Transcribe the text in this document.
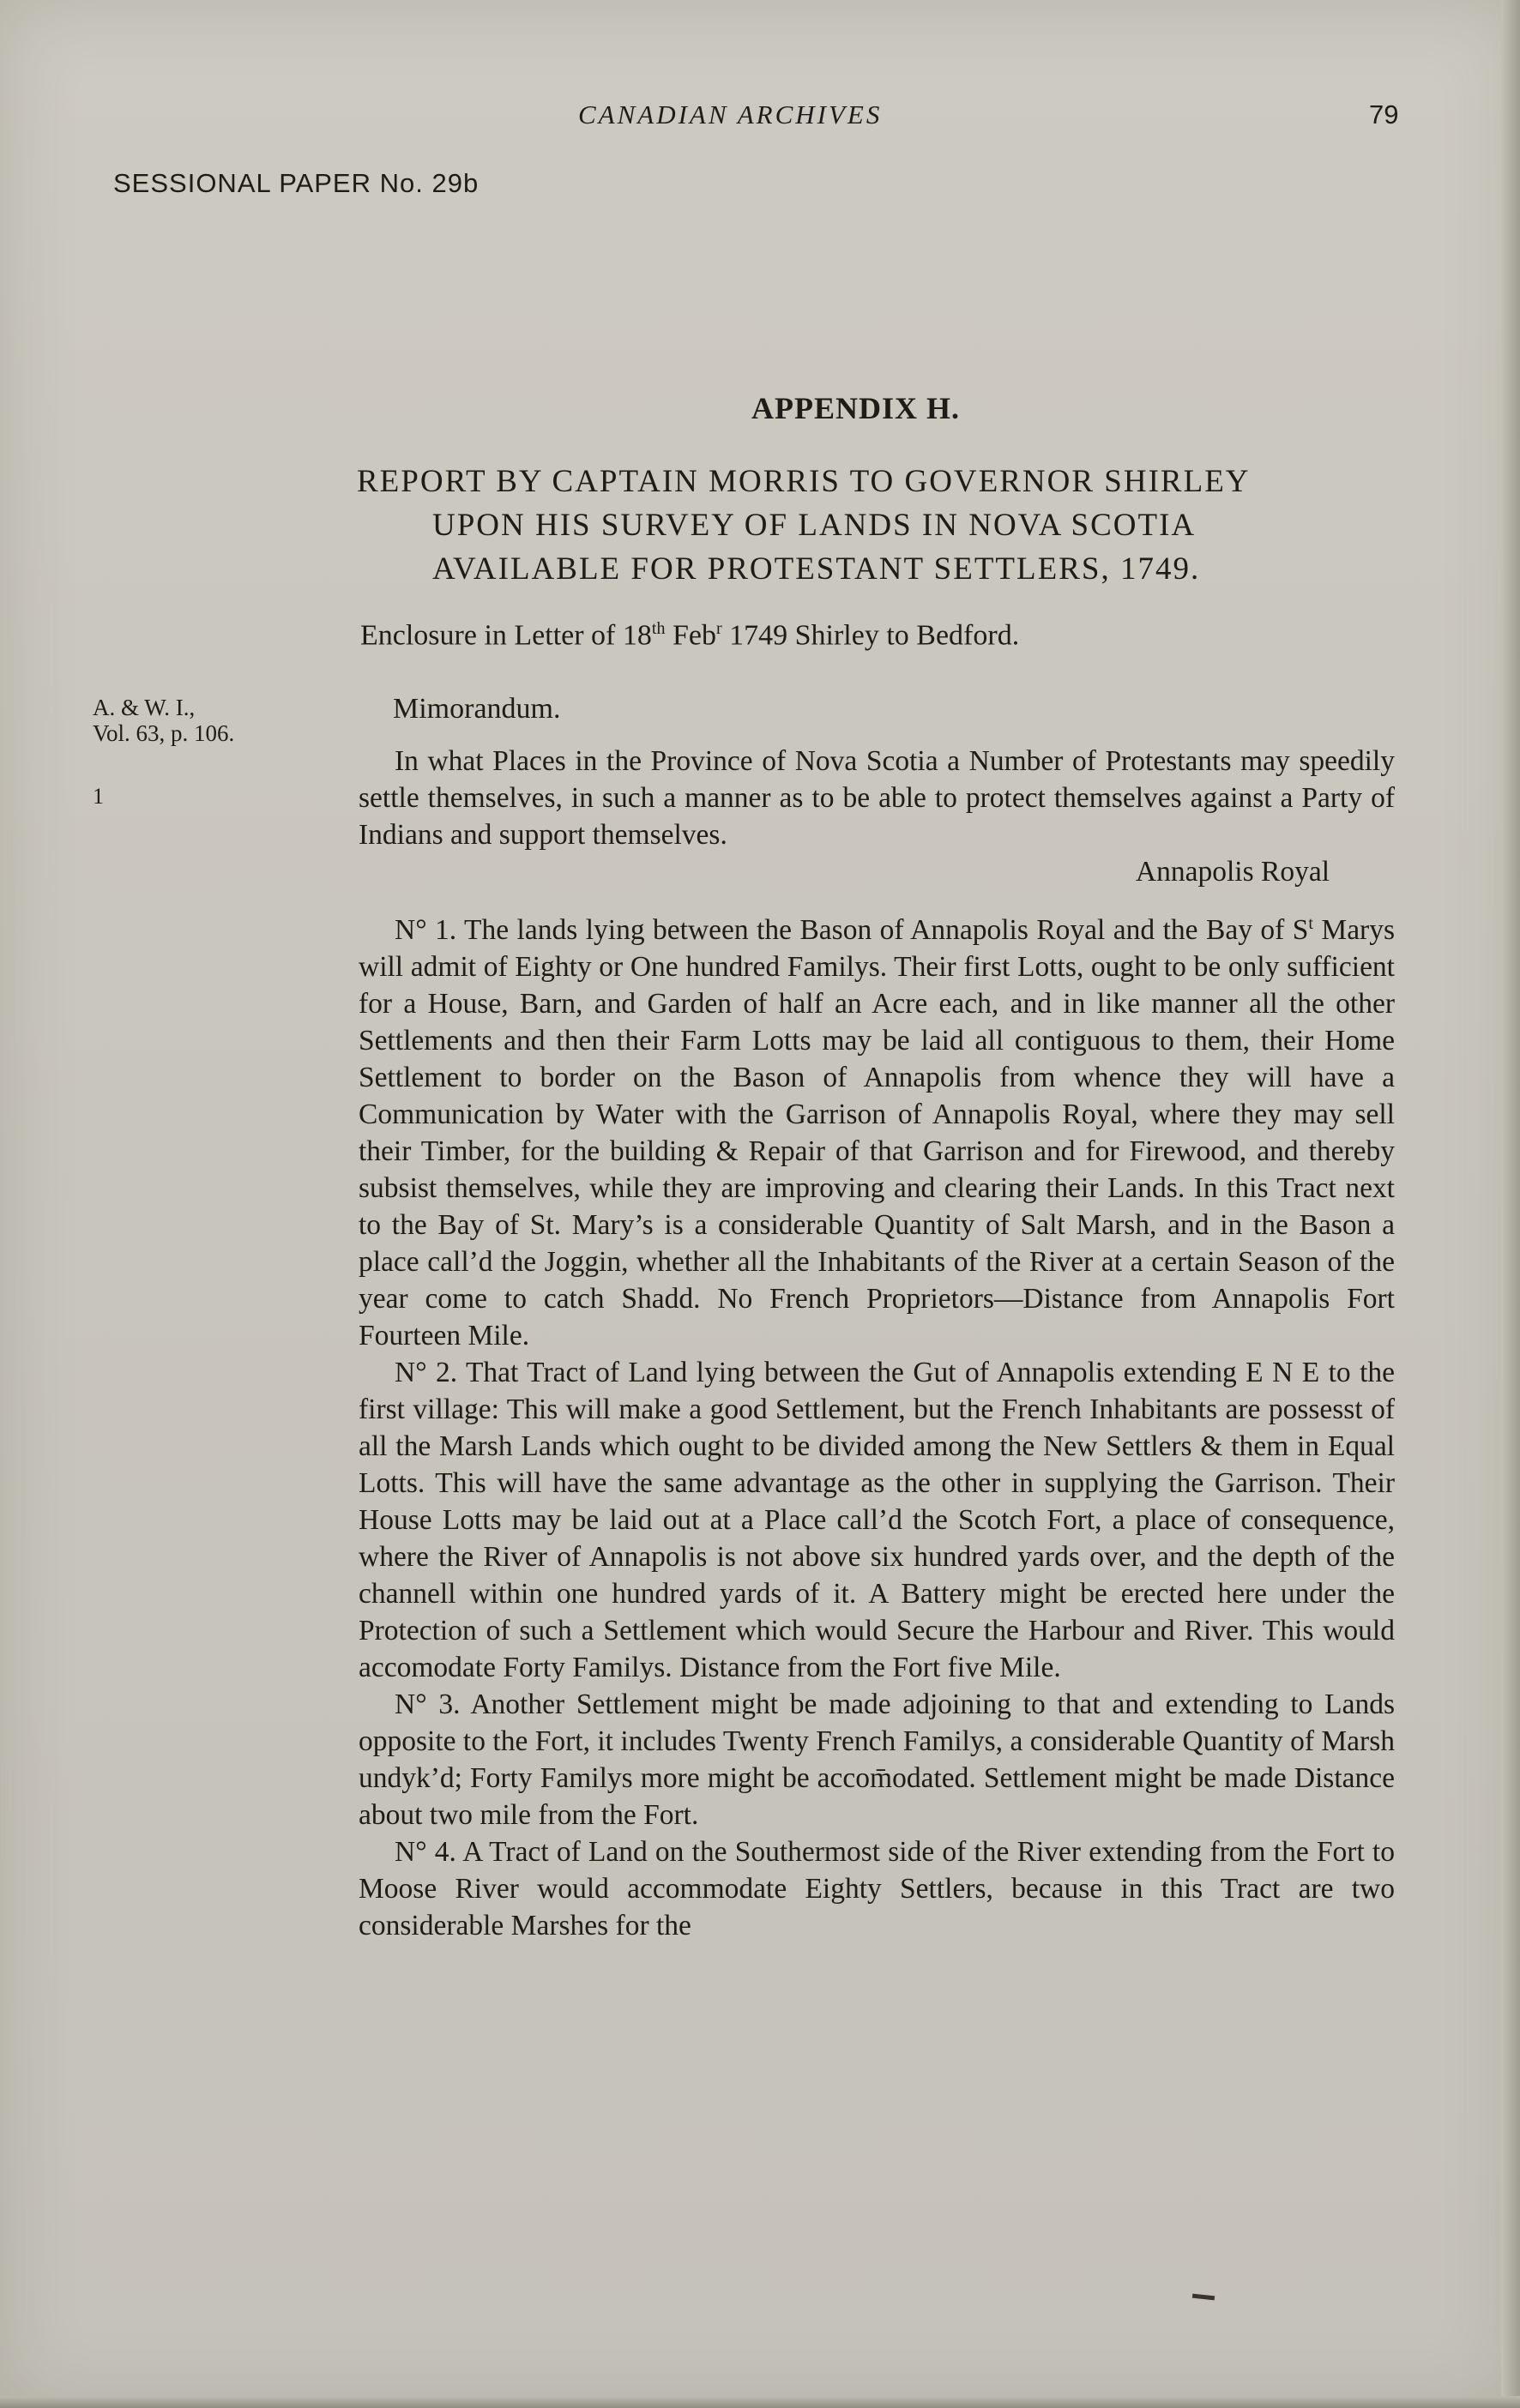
CANADIAN ARCHIVES	79
SESSIONAL PAPER No. 29b
APPENDIX H.
REPORT BY CAPTAIN MORRIS TO GOVERNOR SHIRLEY
UPON HIS SURVEY OF LANDS IN NOVA SCOTIA
AVAILABLE FOR PROTESTANT SETTLERS, 1749.
Enclosure in Letter of 18th Feb$^r$ 1749 Shirley to Bedford.
A. & W. I.,
Vol. 63, p. 106.
1
Mimorandum.

In what Places in the Province of Nova Scotia a Number of Protestants may speedily settle themselves, in such a manner as to be able to protect themselves against a Party of Indians and support themselves.

Annapolis Royal

N° 1. The lands lying between the Bason of Annapolis Royal and the Bay of $S^t$ Marys will admit of Eighty or One hundred Familys. Their first Lotts, ought to be only sufficient for a House, Barn, and Garden of half an Acre each, and in like manner all the other Settlements and then their Farm Lotts may be laid all contiguous to them, their Home Settlement to border on the Bason of Annapolis from whence they will have a Communication by Water with the Garrison of Annapolis Royal, where they may sell their Timber, for the building & Repair of that Garrison and for Firewood, and thereby subsist themselves, while they are improving and clearing their Lands. In this Tract next to the Bay of St. Mary’s is a considerable Quantity of Salt Marsh, and in the Bason a place call’d the Joggin, whether all the Inhabitants of the River at a certain Season of the year come to catch Shadd. No French Proprietors—Distance from Annapolis Fort Fourteen Mile.

N° 2. That Tract of Land lying between the Gut of Annapolis extending E N E to the first village: This will make a good Settlement, but the French Inhabitants are possesst of all the Marsh Lands which ought to be divided among the New Settlers & them in Equal Lotts. This will have the same advantage as the other in supplying the Garrison. Their House Lotts may be laid out at a Place call’d the Scotch Fort, a place of consequence, where the River of Annapolis is not above six hundred yards over, and the depth of the channell within one hundred yards of it. A Battery might be erected here under the Protection of such a Settlement which would Secure the Harbour and River. This would accomodate Forty Familys. Distance from the Fort five Mile.

N° 3. Another Settlement might be made adjoining to that and extending to Lands opposite to the Fort, it includes Twenty French Familys, a considerable Quantity of Marsh undyk’d; Forty Familys more might be accom̄odated. Settlement might be made Distance about two mile from the Fort.

N° 4. A Tract of Land on the Southermost side of the River extending from the Fort to Moose River would accommodate Eighty Settlers, because in this Tract are two considerable Marshes for the
